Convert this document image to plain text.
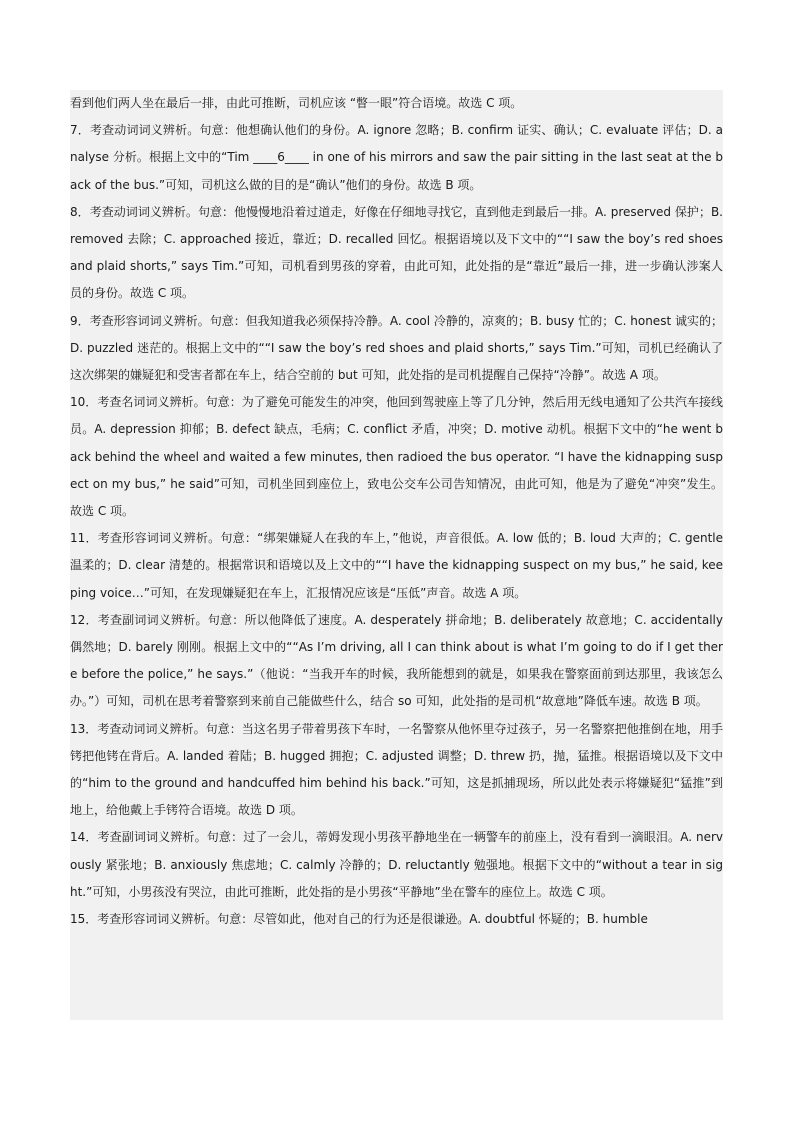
看到他们两人坐在最后一排，由此可推断，司机应该 “瞥一眼”符合语境。故选 C 项。

7．考查动词词义辨析。句意：他想确认他们的身份。A. ignore 忽略；B. confirm 证实、确认；C. evaluate 评估；D. analyse 分析。根据上文中的“Tim ____6____ in one of his mirrors and saw the pair sitting in the last seat at the back of the bus.”可知，司机这么做的目的是“确认”他们的身份。故选 B 项。

8．考查动词词义辨析。句意：他慢慢地沿着过道走，好像在仔细地寻找它，直到他走到最后一排。A. preserved 保护；B. removed 去除；C. approached 接近，靠近；D. recalled 回忆。根据语境以及下文中的““I saw the boy’s red shoes and plaid shorts,” says Tim.”可知，司机看到男孩的穿着，由此可知，此处指的是“靠近”最后一排，进一步确认涉案人员的身份。故选 C 项。

9．考查形容词词义辨析。句意：但我知道我必须保持冷静。A. cool 冷静的，凉爽的；B. busy 忙的；C. honest 诚实的；D. puzzled 迷茫的。根据上文中的““I saw the boy’s red shoes and plaid shorts,” says Tim.”可知，司机已经确认了这次绑架的嫌疑犯和受害者都在车上，结合空前的 but 可知，此处指的是司机提醒自己保持“冷静”。故选 A 项。

10．考查名词词义辨析。句意：为了避免可能发生的冲突，他回到驾驶座上等了几分钟，然后用无线电通知了公共汽车接线员。A. depression 抑郁；B. defect 缺点，毛病；C. conflict 矛盾，冲突；D. motive 动机。根据下文中的“he went back behind the wheel and waited a few minutes, then radioed the bus operator. “I have the kidnapping suspect on my bus,” he said”可知，司机坐回到座位上，致电公交车公司告知情况，由此可知，他是为了避免“冲突”发生。故选 C 项。

11．考查形容词词义辨析。句意：“绑架嫌疑人在我的车上，”他说，声音很低。A. low 低的；B. loud 大声的；C. gentle 温柔的；D. clear 清楚的。根据常识和语境以及上文中的““I have the kidnapping suspect on my bus,” he said, keeping voice…”可知，在发现嫌疑犯在车上，汇报情况应该是“压低”声音。故选 A 项。

12．考查副词词义辨析。句意：所以他降低了速度。A. desperately 拼命地；B. deliberately 故意地；C. accidentally 偶然地；D. barely 刚刚。根据上文中的““As I’m driving, all I can think about is what I’m going to do if I get there before the police,” he says.”（他说：“当我开车的时候，我所能想到的就是，如果我在警察面前到达那里，我该怎么办。”）可知，司机在思考着警察到来前自己能做些什么，结合 so 可知，此处指的是司机“故意地”降低车速。故选 B 项。

13．考查动词词义辨析。句意：当这名男子带着男孩下车时，一名警察从他怀里夺过孩子，另一名警察把他推倒在地，用手铐把他铐在背后。A. landed 着陆；B. hugged 拥抱；C. adjusted 调整；D. threw 扔，抛，猛推。根据语境以及下文中的“him to the ground and handcuffed him behind his back.”可知，这是抓捕现场，所以此处表示将嫌疑犯“猛推”到地上，给他戴上手铐符合语境。故选 D 项。

14．考查副词词义辨析。句意：过了一会儿，蒂姆发现小男孩平静地坐在一辆警车的前座上，没有看到一滴眼泪。A. nervously 紧张地；B. anxiously 焦虑地；C. calmly 冷静的；D. reluctantly 勉强地。根据下文中的“without a tear in sight.”可知，小男孩没有哭泣，由此可推断，此处指的是小男孩“平静地”坐在警车的座位上。故选 C 项。

15．考查形容词词义辨析。句意：尽管如此，他对自己的行为还是很谦逊。A. doubtful 怀疑的；B. humble
